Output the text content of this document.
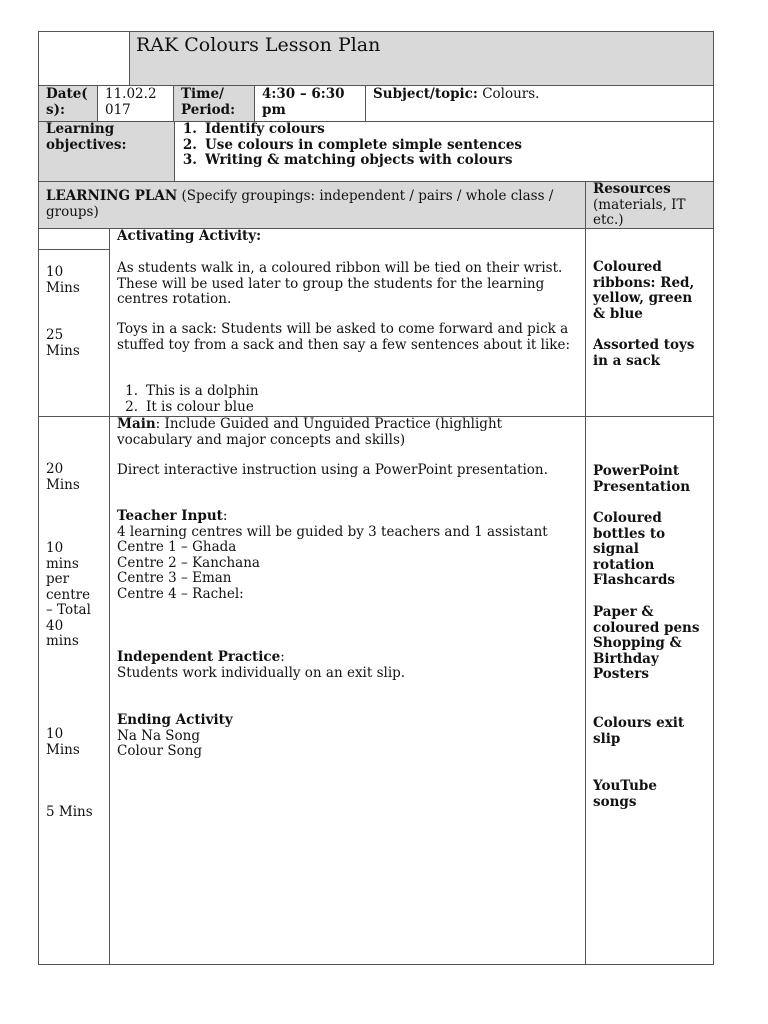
RAK Colours Lesson Plan
Date(
s):
11.02.2
017
Time/
Period:
4:30 – 6:30
pm
Subject/topic: Colours.
Learning
objectives:
1. Identify colours
2. Use colours in complete simple sentences
3. Writing & matching objects with colours
LEARNING PLAN (Specify groupings: independent / pairs / whole class / groups)
Resources
(materials, IT etc.)
10
Mins
25
Mins
Activating Activity:
As students walk in, a coloured ribbon will be tied on their wrist. These will be used later to group the students for the learning centres rotation.
Toys in a sack: Students will be asked to come forward and pick a stuffed toy from a sack and then say a few sentences about it like:
1. This is a dolphin
2. It is colour blue
Coloured ribbons: Red, yellow, green & blue
Assorted toys in a sack
20
Mins
10
mins
per
centre
– Total
40
mins
10
Mins
5 Mins
Main: Include Guided and Unguided Practice (highlight vocabulary and major concepts and skills)
Direct interactive instruction using a PowerPoint presentation.
Teacher Input:
4 learning centres will be guided by 3 teachers and 1 assistant
Centre 1 – Ghada
Centre 2 – Kanchana
Centre 3 – Eman
Centre 4 – Rachel:
Independent Practice:
Students work individually on an exit slip.
Ending Activity
Na Na Song
Colour Song
PowerPoint
Presentation
Coloured
bottles to
signal
rotation
Flashcards
Paper &
coloured pens
Shopping &
Birthday
Posters
Colours exit
slip
YouTube
songs
